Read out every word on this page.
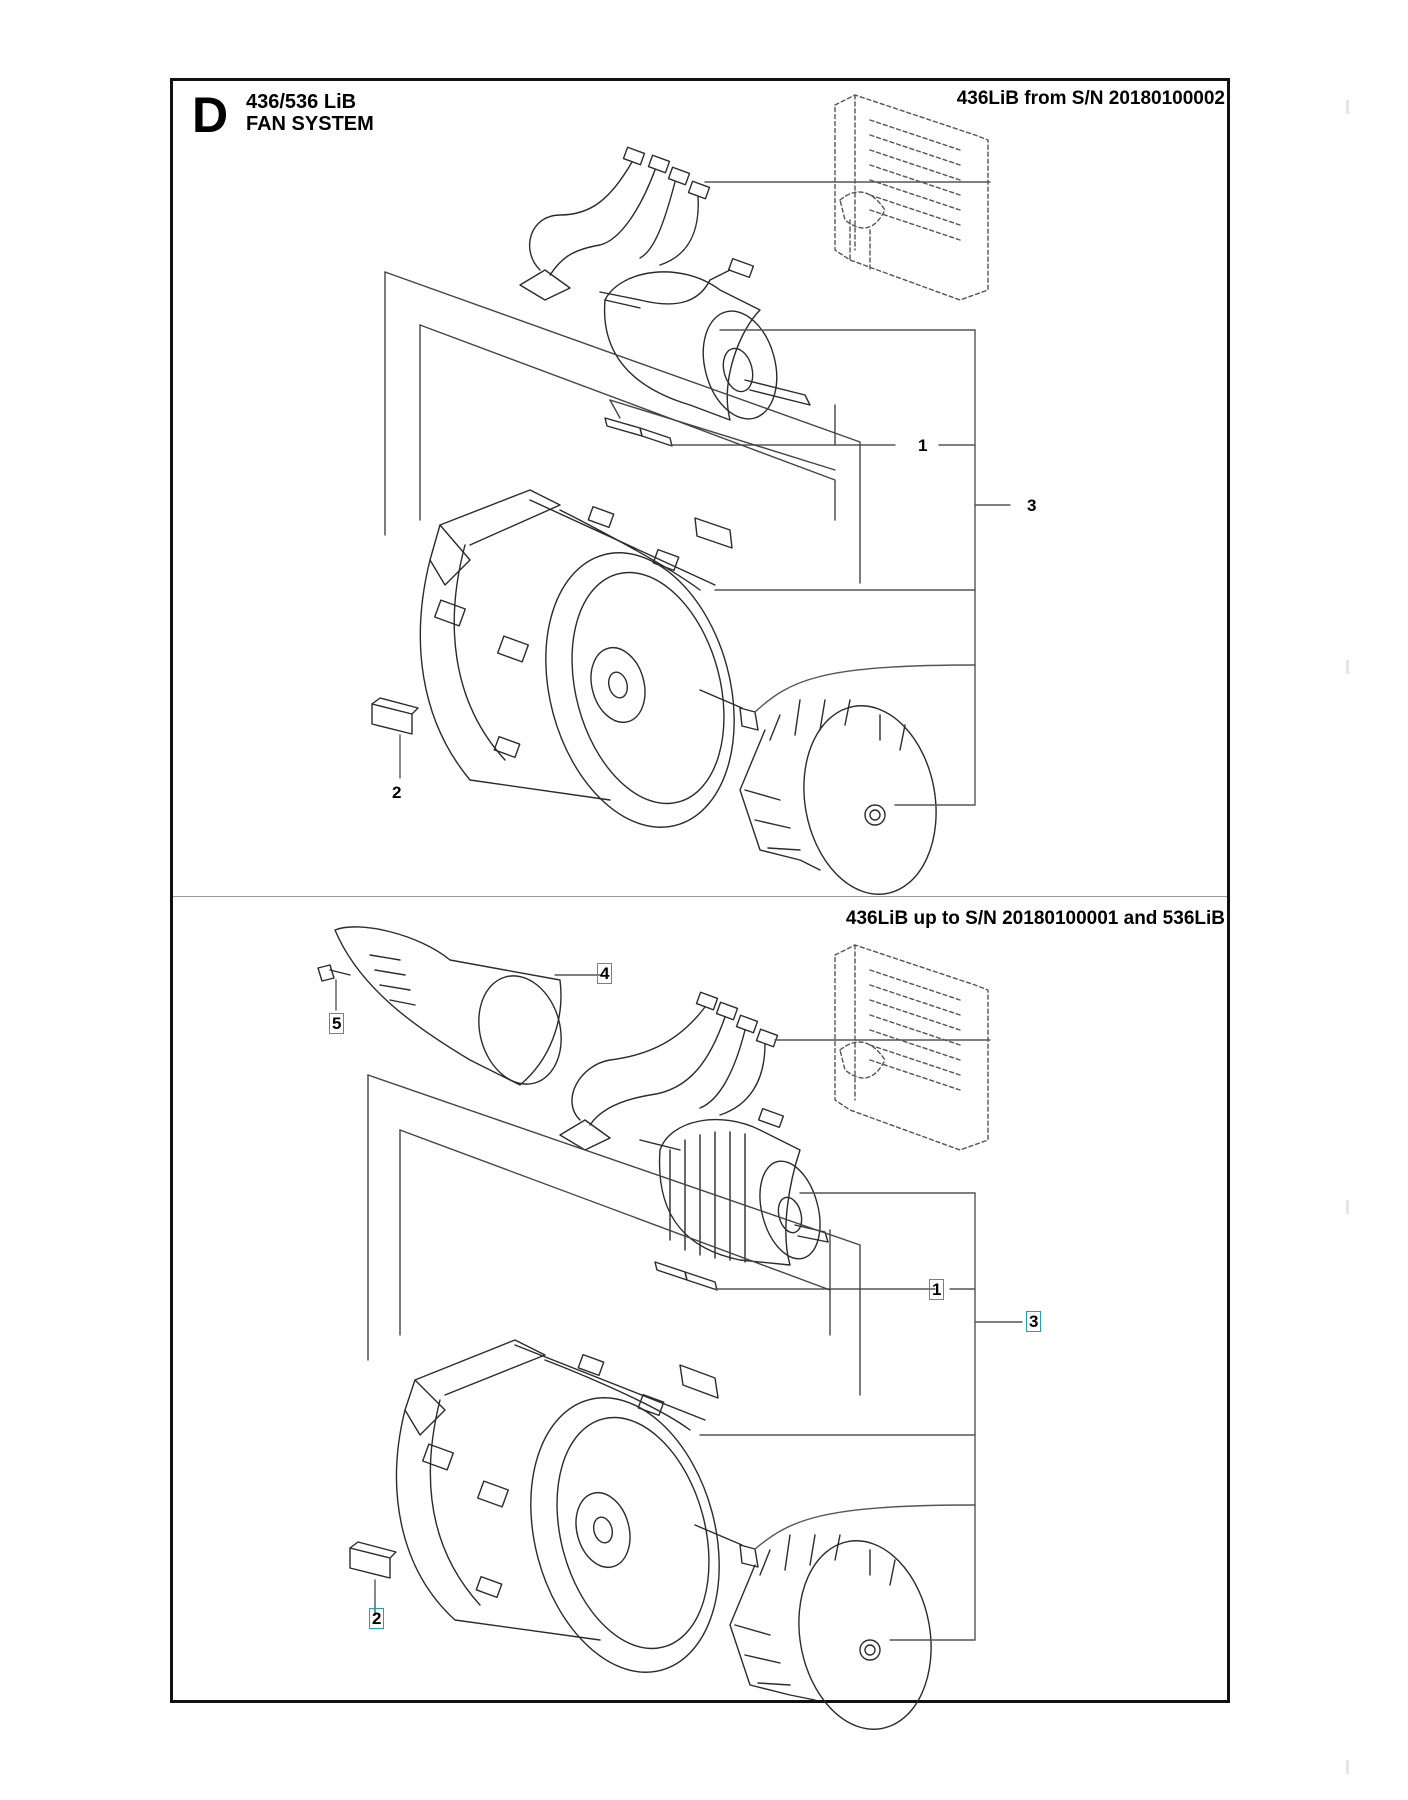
D 436/536 LiB
FAN SYSTEM
436LiB from S/N 20180100002
436LiB up to S/N 20180100001 and 536LiB
1
2
3
1
2
3
4
5
